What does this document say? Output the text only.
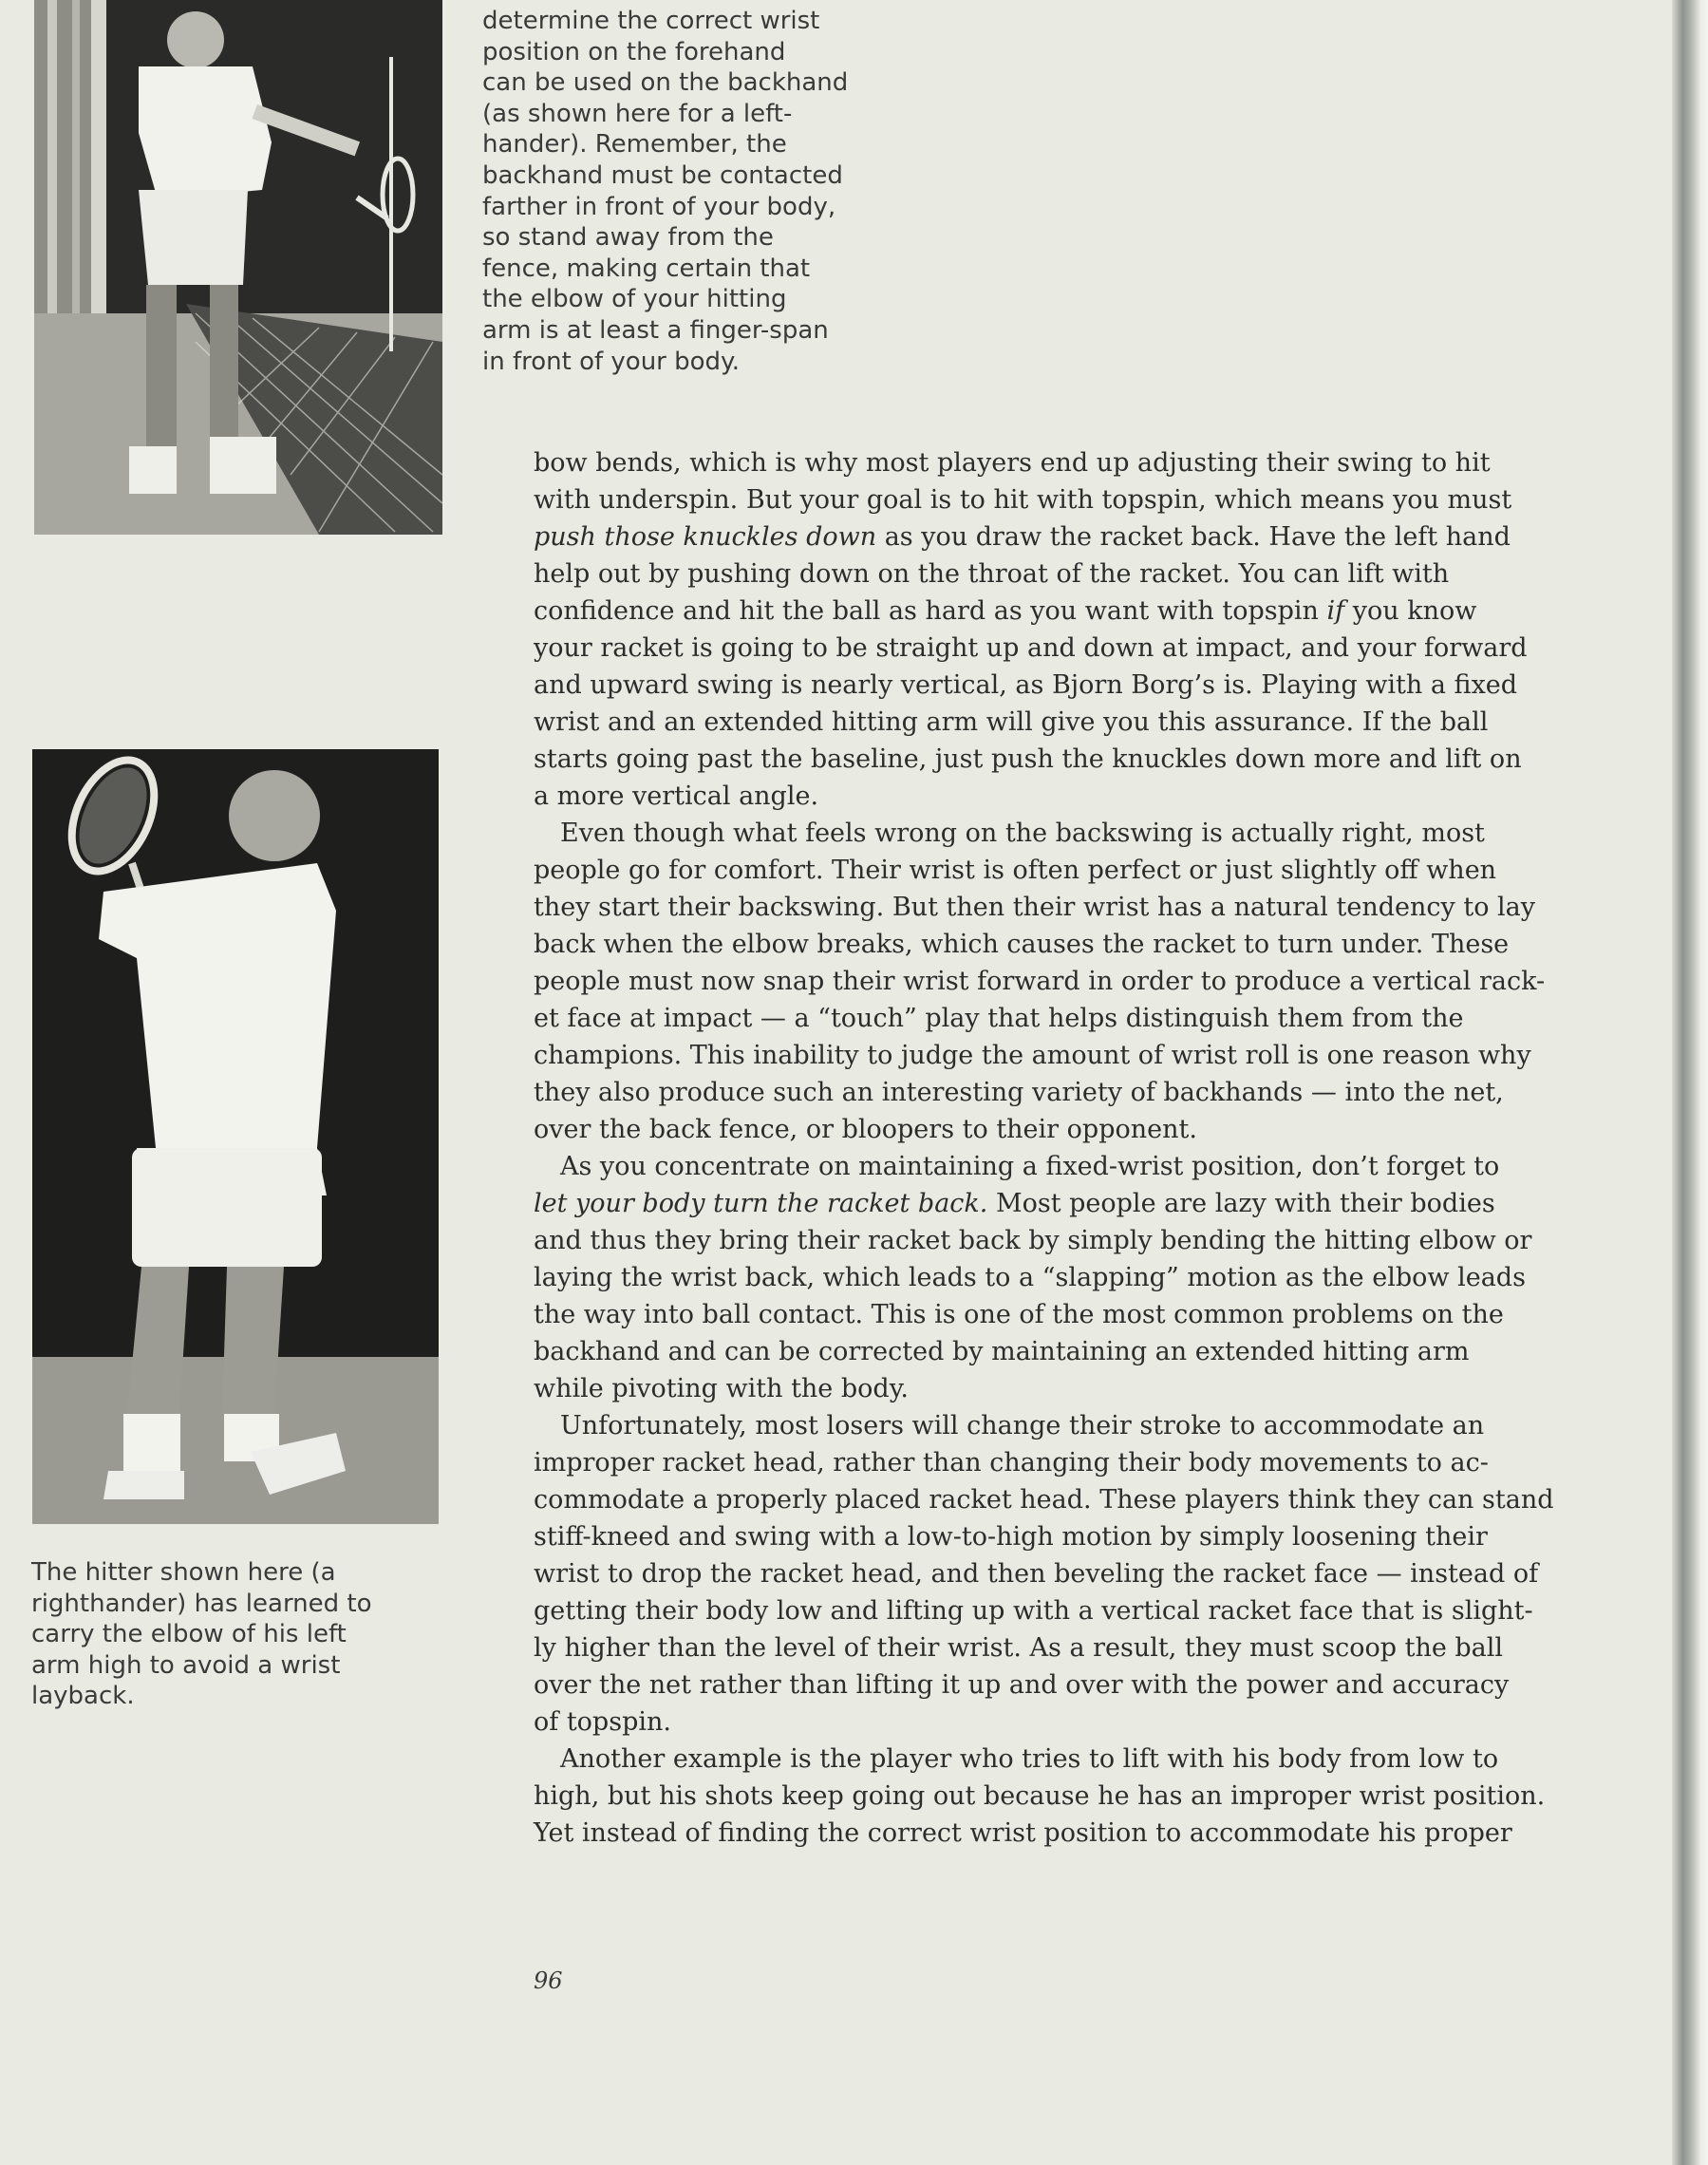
determine the correct wrist
position on the forehand
can be used on the backhand
(as shown here for a left-
hander). Remember, the
backhand must be contacted
farther in front of your body,
so stand away from the
fence, making certain that
the elbow of your hitting
arm is at least a finger-span
in front of your body.
The hitter shown here (a
righthander) has learned to
carry the elbow of his left
arm high to avoid a wrist
layback.

bow bends, which is why most players end up adjusting their swing to hit
with underspin. But your goal is to hit with topspin, which means you must
push those knuckles down as you draw the racket back. Have the left hand
help out by pushing down on the throat of the racket. You can lift with
confidence and hit the ball as hard as you want with topspin if you know
your racket is going to be straight up and down at impact, and your forward
and upward swing is nearly vertical, as Bjorn Borg’s is. Playing with a fixed
wrist and an extended hitting arm will give you this assurance. If the ball
starts going past the baseline, just push the knuckles down more and lift on
a more vertical angle.

Even though what feels wrong on the backswing is actually right, most
people go for comfort. Their wrist is often perfect or just slightly off when
they start their backswing. But then their wrist has a natural tendency to lay
back when the elbow breaks, which causes the racket to turn under. These
people must now snap their wrist forward in order to produce a vertical rack-
et face at impact — a “touch” play that helps distinguish them from the
champions. This inability to judge the amount of wrist roll is one reason why
they also produce such an interesting variety of backhands — into the net,
over the back fence, or bloopers to their opponent.

As you concentrate on maintaining a fixed-wrist position, don’t forget to
let your body turn the racket back. Most people are lazy with their bodies
and thus they bring their racket back by simply bending the hitting elbow or
laying the wrist back, which leads to a “slapping” motion as the elbow leads
the way into ball contact. This is one of the most common problems on the
backhand and can be corrected by maintaining an extended hitting arm
while pivoting with the body.

Unfortunately, most losers will change their stroke to accommodate an
improper racket head, rather than changing their body movements to ac-
commodate a properly placed racket head. These players think they can stand
stiff-kneed and swing with a low-to-high motion by simply loosening their
wrist to drop the racket head, and then beveling the racket face — instead of
getting their body low and lifting up with a vertical racket face that is slight-
ly higher than the level of their wrist. As a result, they must scoop the ball
over the net rather than lifting it up and over with the power and accuracy
of topspin.

Another example is the player who tries to lift with his body from low to
high, but his shots keep going out because he has an improper wrist position.
Yet instead of finding the correct wrist position to accommodate his proper

96
